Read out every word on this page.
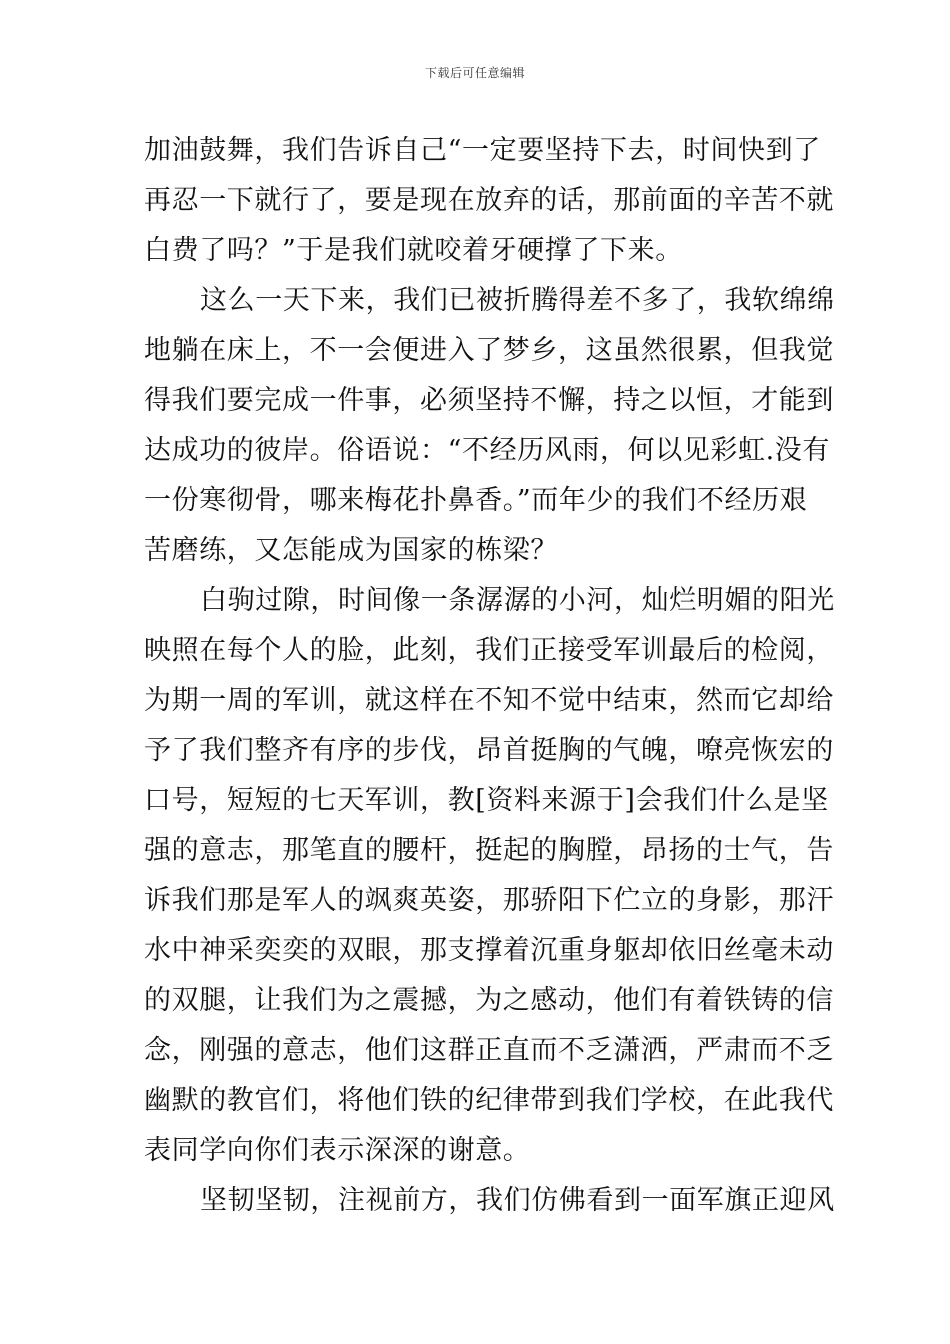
下载后可任意编辑
加油鼓舞，我们告诉自己“一定要坚持下去，时间快到了
再忍一下就行了，要是现在放弃的话，那前面的辛苦不就
白费了吗？”于是我们就咬着牙硬撑了下来。
这么一天下来，我们已被折腾得差不多了，我软绵绵
地躺在床上，不一会便进入了梦乡，这虽然很累，但我觉
得我们要完成一件事，必须坚持不懈，持之以恒，才能到
达成功的彼岸。俗语说：“不经历风雨，何以见彩虹.没有
一份寒彻骨，哪来梅花扑鼻香。”而年少的我们不经历艰
苦磨练，又怎能成为国家的栋梁？
白驹过隙，时间像一条潺潺的小河，灿烂明媚的阳光
映照在每个人的脸，此刻，我们正接受军训最后的检阅，
为期一周的军训，就这样在不知不觉中结束，然而它却给
予了我们整齐有序的步伐，昂首挺胸的气魄，嘹亮恢宏的
口号，短短的七天军训，教[资料来源于]会我们什么是坚
强的意志，那笔直的腰杆，挺起的胸膛，昂扬的士气，告
诉我们那是军人的飒爽英姿，那骄阳下伫立的身影，那汗
水中神采奕奕的双眼，那支撑着沉重身躯却依旧丝毫未动
的双腿，让我们为之震撼，为之感动，他们有着铁铸的信
念，刚强的意志，他们这群正直而不乏潇洒，严肃而不乏
幽默的教官们，将他们铁的纪律带到我们学校，在此我代
表同学向你们表示深深的谢意。
坚韧坚韧，注视前方，我们仿佛看到一面军旗正迎风
